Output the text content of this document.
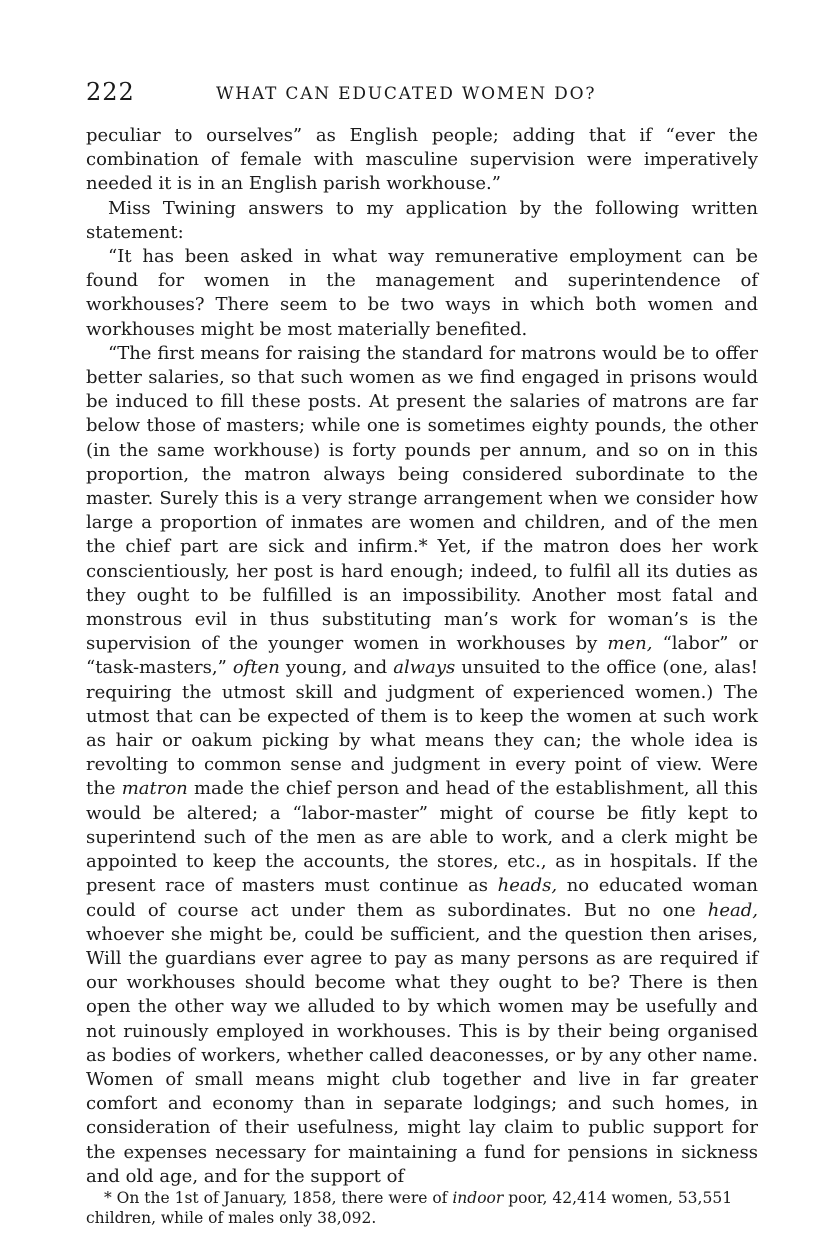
222	WHAT CAN EDUCATED WOMEN DO?

peculiar to ourselves” as English people; adding that if “ever the combination of female with masculine supervision were imperatively needed it is in an English parish workhouse.”

Miss Twining answers to my application by the following written statement:

“It has been asked in what way remunerative employment can be found for women in the management and superintendence of workhouses? There seem to be two ways in which both women and workhouses might be most materially benefited.

“The first means for raising the standard for matrons would be to offer better salaries, so that such women as we find engaged in prisons would be induced to fill these posts. At present the salaries of matrons are far below those of masters; while one is sometimes eighty pounds, the other (in the same workhouse) is forty pounds per annum, and so on in this proportion, the matron always being considered subordinate to the master. Surely this is a very strange arrangement when we consider how large a proportion of inmates are women and children, and of the men the chief part are sick and infirm.* Yet, if the matron does her work conscientiously, her post is hard enough; indeed, to fulfil all its duties as they ought to be fulfilled is an impossibility. Another most fatal and monstrous evil in thus substituting man’s work for woman’s is the supervision of the younger women in workhouses by men, “labor” or “task-masters,” often young, and always unsuited to the office (one, alas! requiring the utmost skill and judgment of experienced women.) The utmost that can be expected of them is to keep the women at such work as hair or oakum picking by what means they can; the whole idea is revolting to common sense and judgment in every point of view. Were the matron made the chief person and head of the establishment, all this would be altered; a “labor-master” might of course be fitly kept to superintend such of the men as are able to work, and a clerk might be appointed to keep the accounts, the stores, etc., as in hospitals. If the present race of masters must continue as heads, no educated woman could of course act under them as subordinates. But no one head, whoever she might be, could be sufficient, and the question then arises, Will the guardians ever agree to pay as many persons as are required if our workhouses should become what they ought to be? There is then open the other way we alluded to by which women may be usefully and not ruinously employed in workhouses. This is by their being organised as bodies of workers, whether called deaconesses, or by any other name. Women of small means might club together and live in far greater comfort and economy than in separate lodgings; and such homes, in consideration of their usefulness, might lay claim to public support for the expenses necessary for maintaining a fund for pensions in sickness and old age, and for the support of

* On the 1st of January, 1858, there were of indoor poor, 42,414 women, 53,551 children, while of males only 38,092.
